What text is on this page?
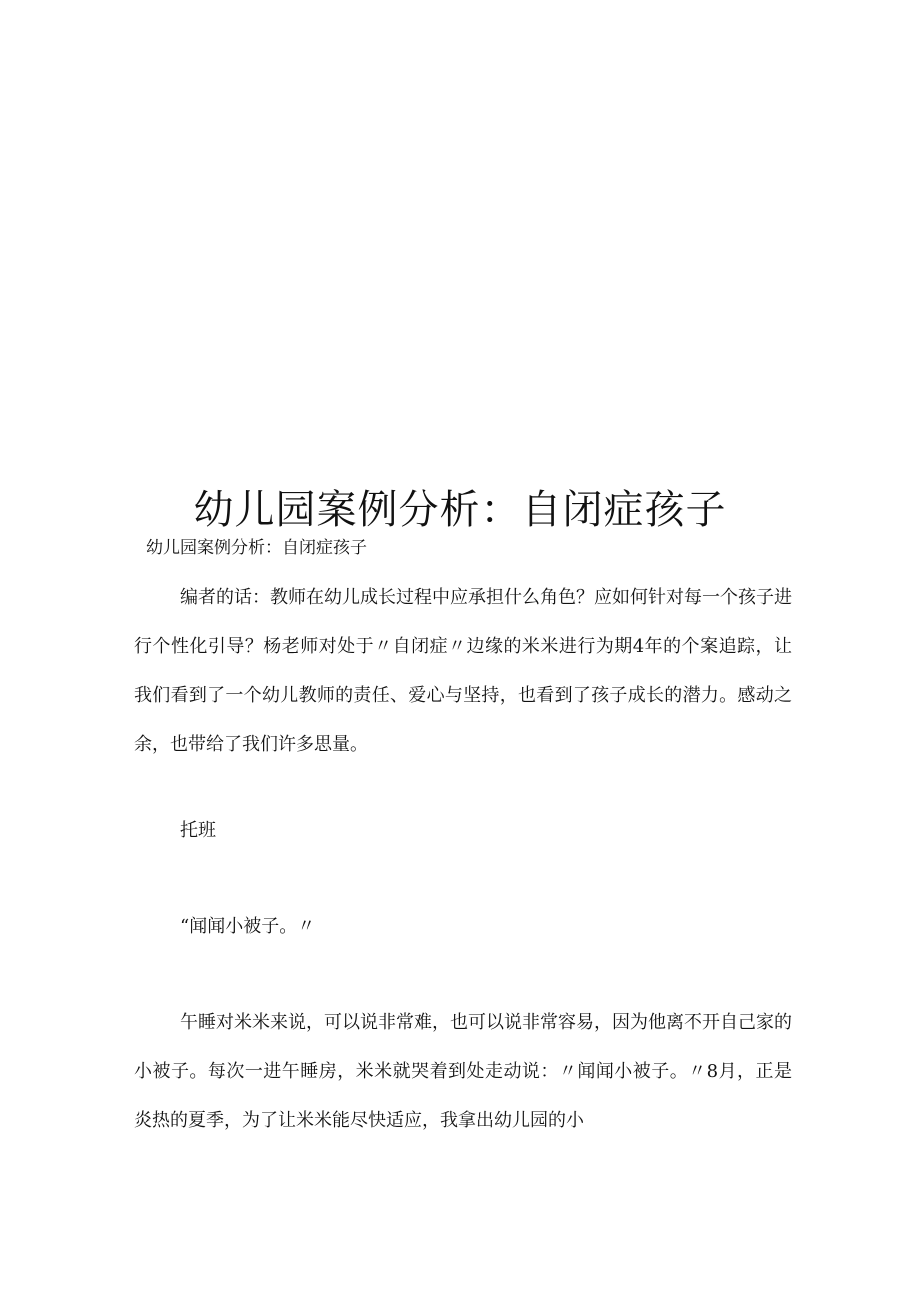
幼儿园案例分析：自闭症孩子

幼儿园案例分析：自闭症孩子

编者的话：教师在幼儿成长过程中应承担什么角色？应如何针对每一个孩子进行个性化引导？杨老师对处于〃自闭症〃边缘的米米进行为期4年的个案追踪，让我们看到了一个幼儿教师的责任、爱心与坚持，也看到了孩子成长的潜力。感动之余，也带给了我们许多思量。

托班

“闻闻小被子。〃

午睡对米米来说，可以说非常难，也可以说非常容易，因为他离不开自己家的小被子。每次一进午睡房，米米就哭着到处走动说：〃闻闻小被子。〃8月，正是炎热的夏季，为了让米米能尽快适应，我拿出幼儿园的小
